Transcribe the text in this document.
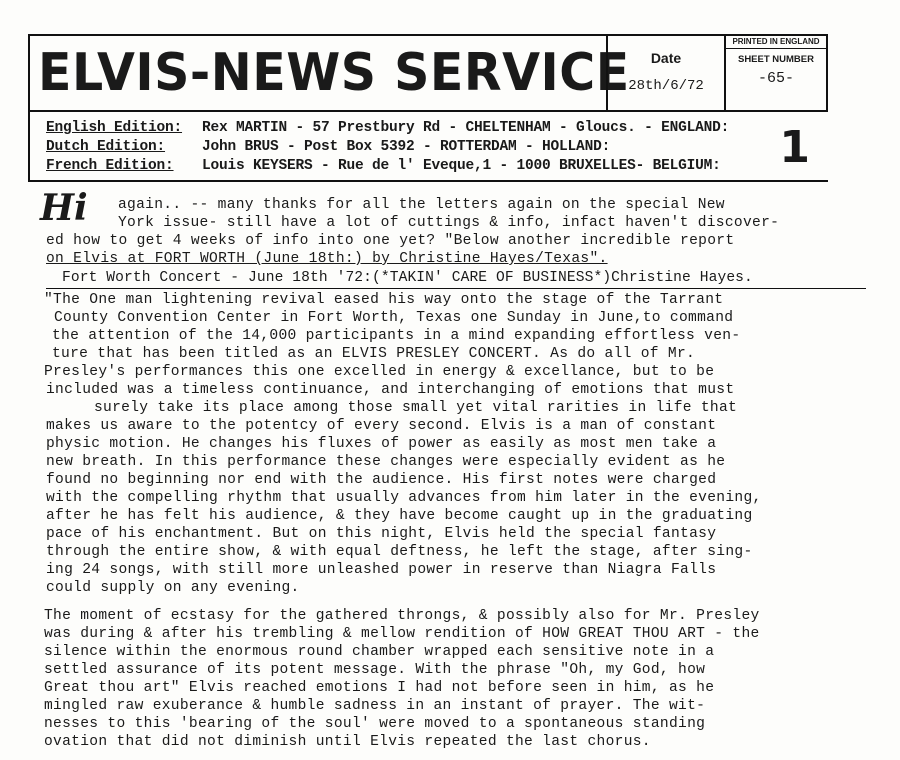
ELVIS-NEWS SERVICE	Date
28th/6/72
PRINTED IN ENGLAND
SHEET NUMBER
-65-
English Edition: Rex MARTIN - 57 Prestbury Rd - CHELTENHAM - Gloucs. - ENGLAND:
Dutch Edition:	John BRUS - Post Box 5392 - ROTTERDAM - HOLLAND:
French Edition: Louis KEYSERS - Rue de l' Eveque,1 - 1000 BRUXELLES- BELGIUM: 1
Hi again.. -- many thanks for all the letters again on the special New
York issue- still have a lot of cuttings & info, infact haven't discover-
ed how to get 4 weeks of info into one yet? "Below another incredible report
on Elvis at FORT WORTH (June 18th:) by Christine Hayes/Texas".
Fort Worth Concert - June 18th '72:(*TAKIN' CARE OF BUSINESS*)Christine Hayes.
"The One man lightening revival eased his way onto the stage of the Tarrant
County Convention Center in Fort Worth, Texas one Sunday in June,to command
the attention of the 14,000 participants in a mind expanding effortless ven-
ture that has been titled as an ELVIS PRESLEY CONCERT. As do all of Mr.
Presley's performances this one excelled in energy & excellance, but to be
included was a timeless continuance, and interchanging of emotions that must
surely take its place among those small yet vital rarities in life that
makes us aware to the potentcy of every second. Elvis is a man of constant
physic motion. He changes his fluxes of power as easily as most men take a
new breath. In this performance these changes were especially evident as he
found no beginning nor end with the audience. His first notes were charged
with the compelling rhythm that usually advances from him later in the evening,
after he has felt his audience, & they have become caught up in the graduating
pace of his enchantment. But on this night, Elvis held the special fantasy
through the entire show, & with equal deftness, he left the stage, after sing-
ing 24 songs, with still more unleashed power in reserve than Niagra Falls
could supply on any evening.
The moment of ecstasy for the gathered throngs, & possibly also for Mr. Presley
was during & after his trembling & mellow rendition of HOW GREAT THOU ART - the
silence within the enormous round chamber wrapped each sensitive note in a
settled assurance of its potent message. With the phrase "Oh, my God, how
Great thou art" Elvis reached emotions I had not before seen in him, as he
mingled raw exuberance & humble sadness in an instant of prayer. The wit-
nesses to this 'bearing of the soul' were moved to a spontaneous standing
ovation that did not diminish until Elvis repeated the last chorus.
